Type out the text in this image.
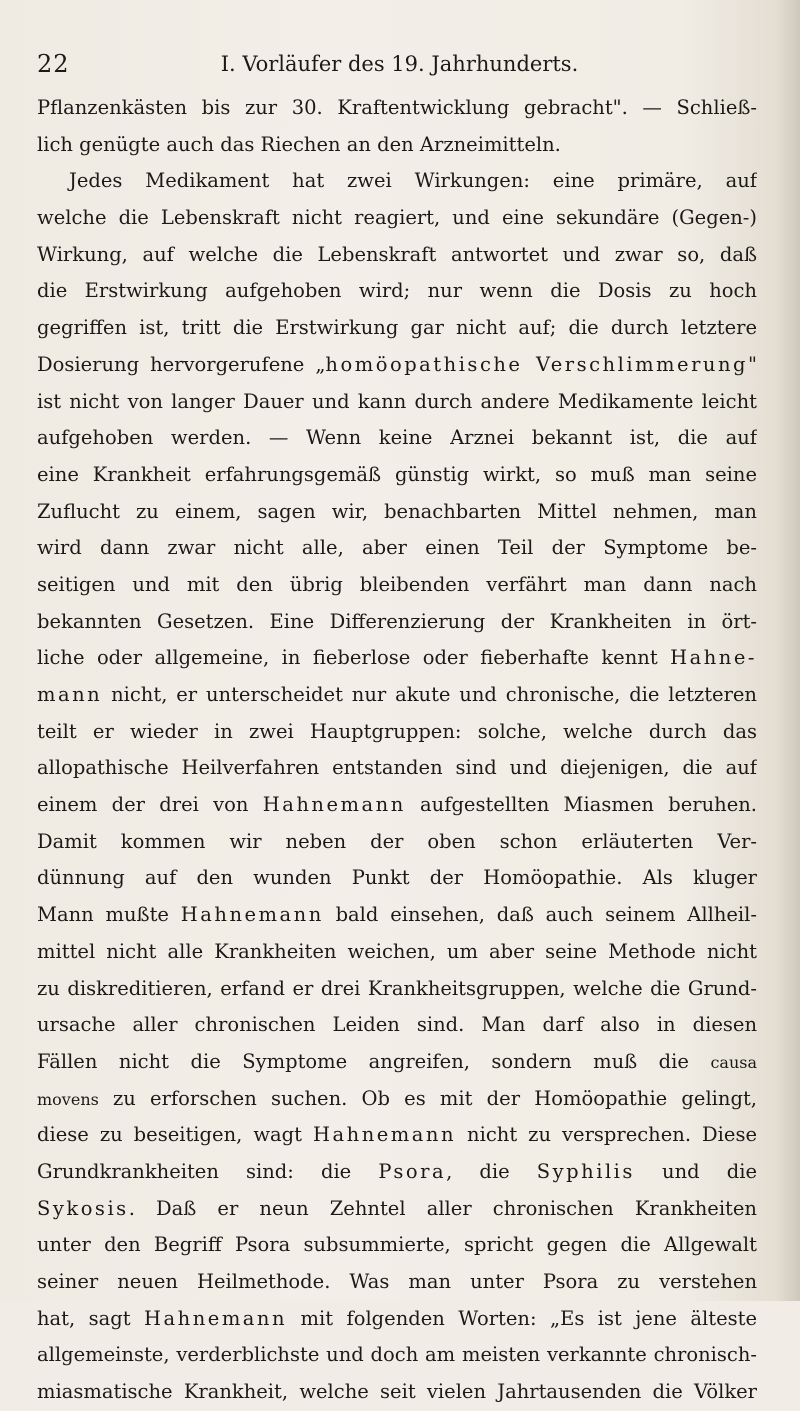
22	I. Vorläufer des 19. Jahrhunderts.
Pflanzenkästen bis zur 30. Kraftentwicklung gebracht". — Schließ-
lich genügte auch das Riechen an den Arzneimitteln.
Jedes Medikament hat zwei Wirkungen: eine primäre, auf
welche die Lebenskraft nicht reagiert, und eine sekundäre (Gegen-)
Wirkung, auf welche die Lebenskraft antwortet und zwar so, daß
die Erstwirkung aufgehoben wird; nur wenn die Dosis zu hoch
gegriffen ist, tritt die Erstwirkung gar nicht auf; die durch letztere
Dosierung hervorgerufene „homöopathische Verschlimmerung"
ist nicht von langer Dauer und kann durch andere Medikamente leicht
aufgehoben werden. — Wenn keine Arznei bekannt ist, die auf
eine Krankheit erfahrungsgemäß günstig wirkt, so muß man seine
Zuflucht zu einem, sagen wir, benachbarten Mittel nehmen, man
wird dann zwar nicht alle, aber einen Teil der Symptome be-
seitigen und mit den übrig bleibenden verfährt man dann nach
bekannten Gesetzen. Eine Differenzierung der Krankheiten in ört-
liche oder allgemeine, in fieberlose oder fieberhafte kennt Hahne-
mann nicht, er unterscheidet nur akute und chronische, die letzteren
teilt er wieder in zwei Hauptgruppen: solche, welche durch das
allopathische Heilverfahren entstanden sind und diejenigen, die auf
einem der drei von Hahnemann aufgestellten Miasmen beruhen.
Damit kommen wir neben der oben schon erläuterten Ver-
dünnung auf den wunden Punkt der Homöopathie. Als kluger
Mann mußte Hahnemann bald einsehen, daß auch seinem Allheil-
mittel nicht alle Krankheiten weichen, um aber seine Methode nicht
zu diskreditieren, erfand er drei Krankheitsgruppen, welche die Grund-
ursache aller chronischen Leiden sind. Man darf also in diesen
Fällen nicht die Symptome angreifen, sondern muß die causa
movens zu erforschen suchen. Ob es mit der Homöopathie gelingt,
diese zu beseitigen, wagt Hahnemann nicht zu versprechen. Diese
Grundkrankheiten sind: die Psora, die Syphilis und die
Sykosis. Daß er neun Zehntel aller chronischen Krankheiten
unter den Begriff Psora subsummierte, spricht gegen die Allgewalt
seiner neuen Heilmethode. Was man unter Psora zu verstehen
hat, sagt Hahnemann mit folgenden Worten: „Es ist jene älteste
allgemeinste, verderblichste und doch am meisten verkannte chronisch-
miasmatische Krankheit, welche seit vielen Jahrtausenden die Völker
